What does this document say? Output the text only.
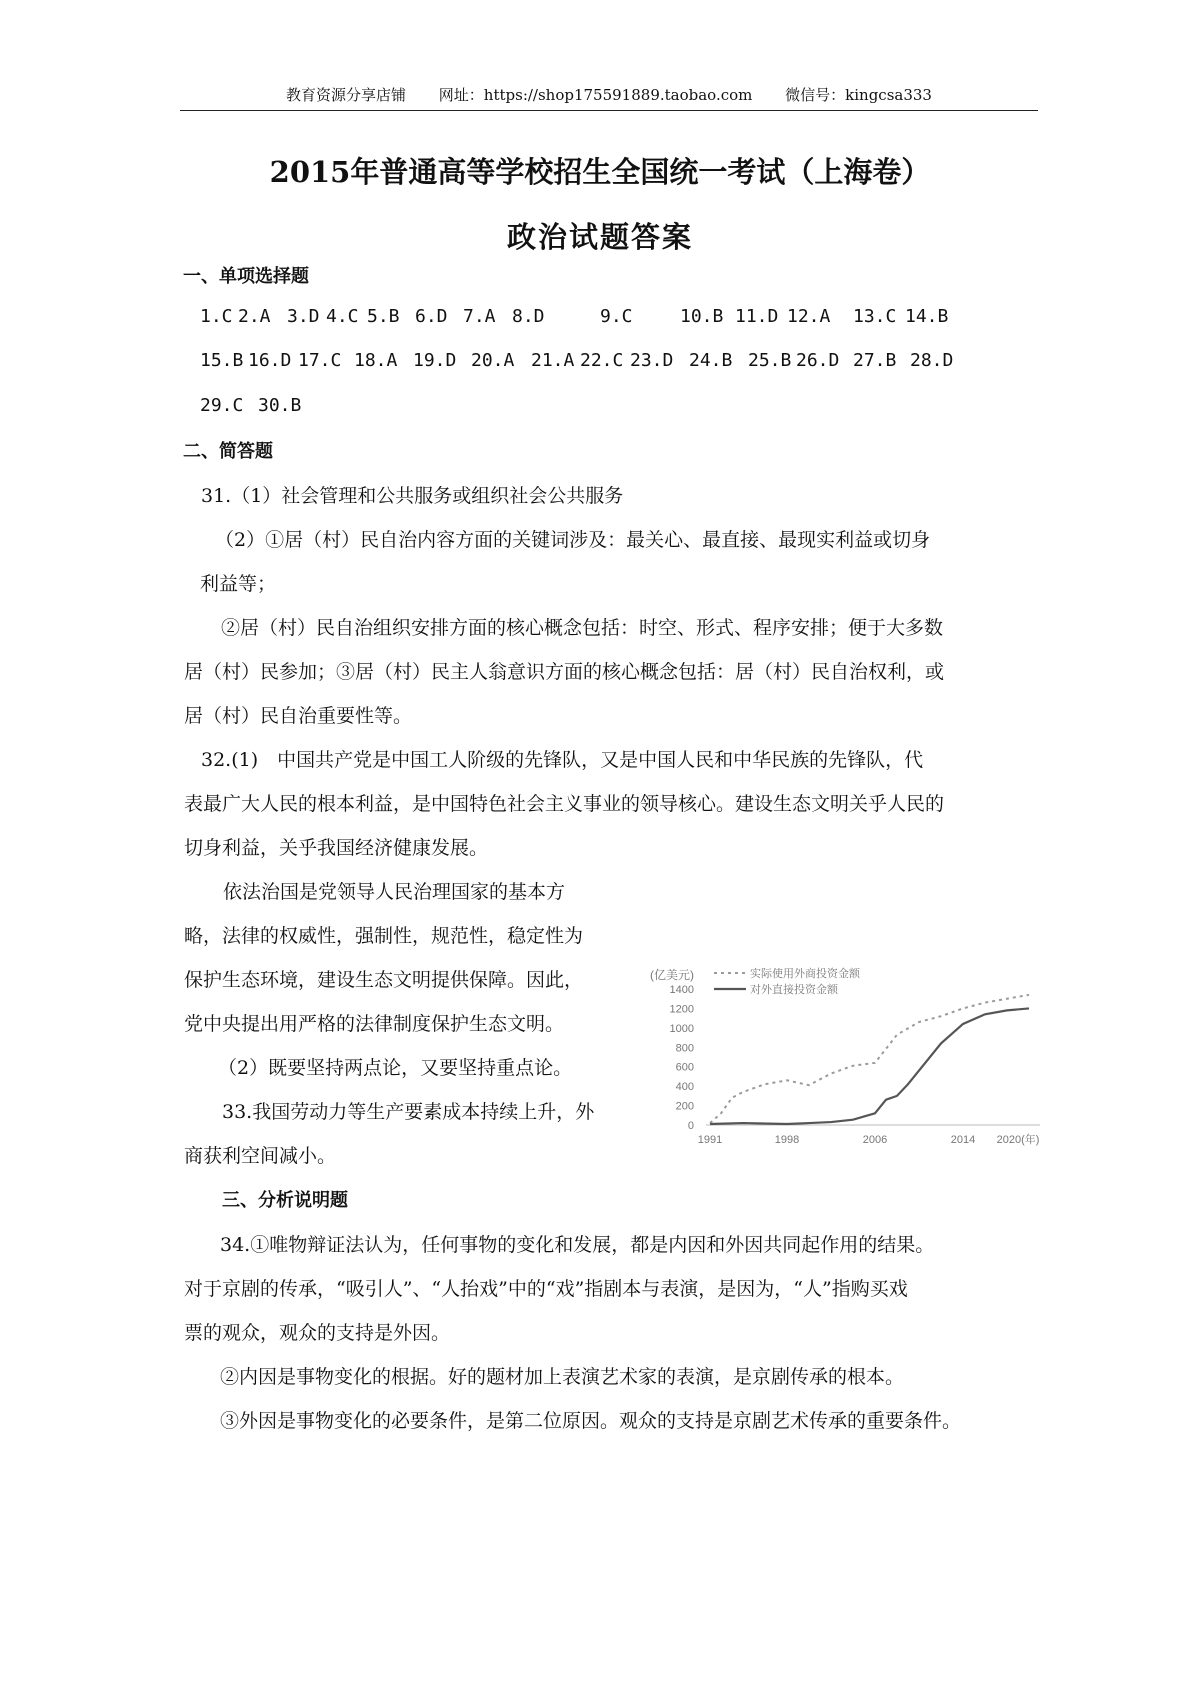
教育资源分享店铺 网址：https://shop175591889.taobao.com 微信号：kingcsa333
2015年普通高等学校招生全国统一考试（上海卷）
政治试题答案
一、单项选择题
1.C 2.A 3.D 4.C 5.B 6.D 7.A 8.D	9.C	10.B 11.D 12.A 13.C 14.B
15.B 16.D 17.C 18.A 19.D 20.A 21.A 22.C 23.D 24.B 25.B 26.D 27.B 28.D
29.C 30.B
二、简答题
31.（1）社会管理和公共服务或组织社会公共服务
（2）①居（村）民自治内容方面的关键词涉及：最关心、最直接、最现实利益或切身
利益等；
②居（村）民自治组织安排方面的核心概念包括：时空、形式、程序安排；便于大多数
居（村）民参加；③居（村）民主人翁意识方面的核心概念包括：居（村）民自治权利，或
居（村）民自治重要性等。
32.(1)　中国共产党是中国工人阶级的先锋队，又是中国人民和中华民族的先锋队，代
表最广大人民的根本利益，是中国特色社会主义事业的领导核心。建设生态文明关乎人民的
切身利益，关乎我国经济健康发展。
依法治国是党领导人民治理国家的基本方
略，法律的权威性，强制性，规范性，稳定性为
保护生态环境，建设生态文明提供保障。因此，
党中央提出用严格的法律制度保护生态文明。
（2）既要坚持两点论，又要坚持重点论。
33.我国劳动力等生产要素成本持续上升，外
商获利空间减小。
(亿美元)
1400
1200
1000
800
600
400
200
0
1991	1998	2006	2014 2020(年)
实际使用外商投资金额
对外直接投资金额
三、分析说明题
34.①唯物辩证法认为，任何事物的变化和发展，都是内因和外因共同起作用的结果。
对于京剧的传承，“吸引人”、“人抬戏”中的“戏”指剧本与表演，是因为，“人”指购买戏
票的观众，观众的支持是外因。
②内因是事物变化的根据。好的题材加上表演艺术家的表演，是京剧传承的根本。
③外因是事物变化的必要条件，是第二位原因。观众的支持是京剧艺术传承的重要条件。
